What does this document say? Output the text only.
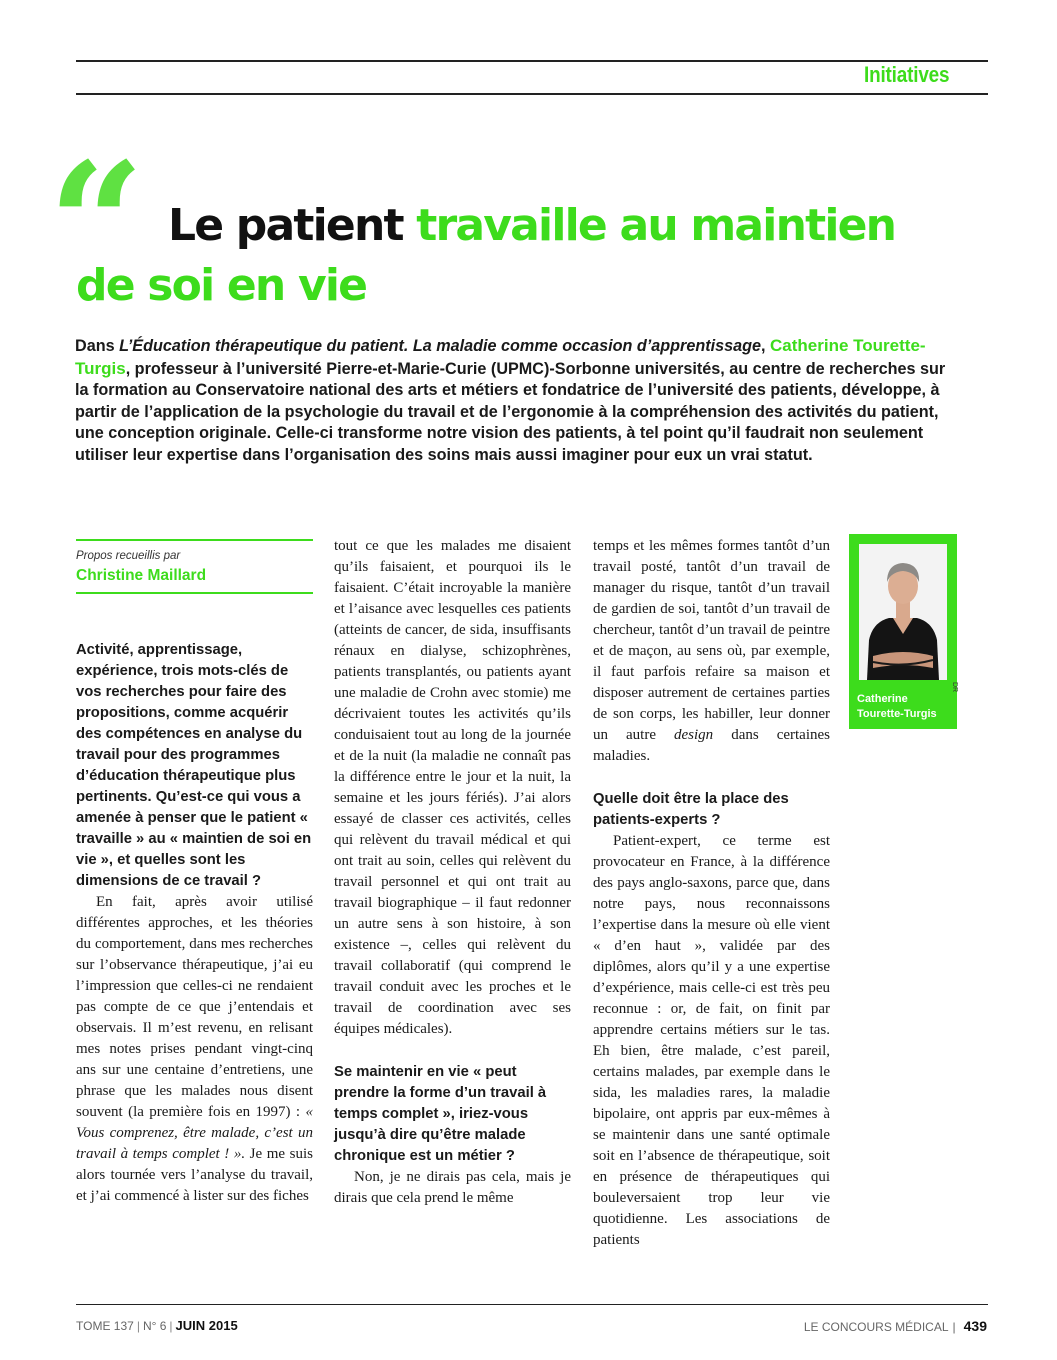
Initiatives
“ Le patient travaille au maintien
de soi en vie
Dans L’Éducation thérapeutique du patient. La maladie comme occasion d’apprentissage, Catherine Tourette-Turgis, professeur à l’université Pierre-et-Marie-Curie (UPMC)-Sorbonne universités, au centre de recherches sur la formation au Conservatoire national des arts et métiers et fondatrice de l’université des patients, développe, à partir de l’application de la psychologie du travail et de l’ergonomie à la compréhension des activités du patient, une conception originale. Celle-ci transforme notre vision des patients, à tel point qu’il faudrait non seulement utiliser leur expertise dans l’organisation des soins mais aussi imaginer pour eux un vrai statut.
Propos recueillis par
Christine Maillard

Activité, apprentissage, expérience, trois mots-clés de vos recherches pour faire des propositions, comme acquérir des compétences en analyse du travail pour des programmes d’éducation thérapeutique plus pertinents. Qu’est-ce qui vous a amenée à penser que le patient « travaille » au « maintien de soi en vie », et quelles sont les dimensions de ce travail ?

En fait, après avoir utilisé différentes approches, et les théories du comportement, dans mes recherches sur l’observance thérapeutique, j’ai eu l’impression que celles-ci ne rendaient pas compte de ce que j’entendais et observais. Il m’est revenu, en relisant mes notes prises pendant vingt-cinq ans sur une centaine d’entretiens, une phrase que les malades nous disent souvent (la première fois en 1997) : « Vous comprenez, être malade, c’est un travail à temps complet ! ». Je me suis alors tournée vers l’analyse du travail, et j’ai commencé à lister sur des fiches

tout ce que les malades me disaient qu’ils faisaient, et pourquoi ils le faisaient. C’était incroyable la manière et l’aisance avec lesquelles ces patients (atteints de cancer, de sida, insuffisants rénaux en dialyse, schizophrènes, patients transplantés, ou patients ayant une maladie de Crohn avec stomie) me décrivaient toutes les activités qu’ils conduisaient tout au long de la journée et de la nuit (la maladie ne connaît pas la différence entre le jour et la nuit, la semaine et les jours fériés). J’ai alors essayé de classer ces activités, celles qui relèvent du travail médical et qui ont trait au soin, celles qui relèvent du travail personnel et qui ont trait au travail biographique – il faut redonner un autre sens à son histoire, à son existence –, celles qui relèvent du travail collaboratif (qui comprend le travail conduit avec les proches et le travail de coordination avec ses équipes médicales).

Se maintenir en vie « peut prendre la forme d’un travail à temps complet », iriez-vous jusqu’à dire qu’être malade chronique est un métier ?

Non, je ne dirais pas cela, mais je dirais que cela prend le même

temps et les mêmes formes tantôt d’un travail posté, tantôt d’un travail de manager du risque, tantôt d’un travail de gardien de soi, tantôt d’un travail de chercheur, tantôt d’un travail de peintre et de maçon, au sens où, par exemple, il faut parfois refaire sa maison et disposer autrement de certaines parties de son corps, les habiller, leur donner un autre design dans certaines maladies.

Quelle doit être la place des patients-experts ?

Patient-expert, ce terme est provocateur en France, à la différence des pays anglo-saxons, parce que, dans notre pays, nous reconnaissons l’expertise dans la mesure où elle vient « d’en haut », validée par des diplômes, alors qu’il y a une expertise d’expérience, mais celle-ci est très peu reconnue : or, de fait, on finit par apprendre certains métiers sur le tas. Eh bien, être malade, c’est pareil, certains malades, par exemple dans le sida, les maladies rares, la maladie bipolaire, ont appris par eux-mêmes à se maintenir dans une santé optimale soit en l’absence de thérapeutique, soit en présence de thérapeutiques qui bouleversaient trop leur vie quotidienne. Les associations de patients

Catherine
Tourette-Turgis
DR
TOME 137 | N° 6 | JUIN 2015	LE CONCOURS MÉDICAL | 439
